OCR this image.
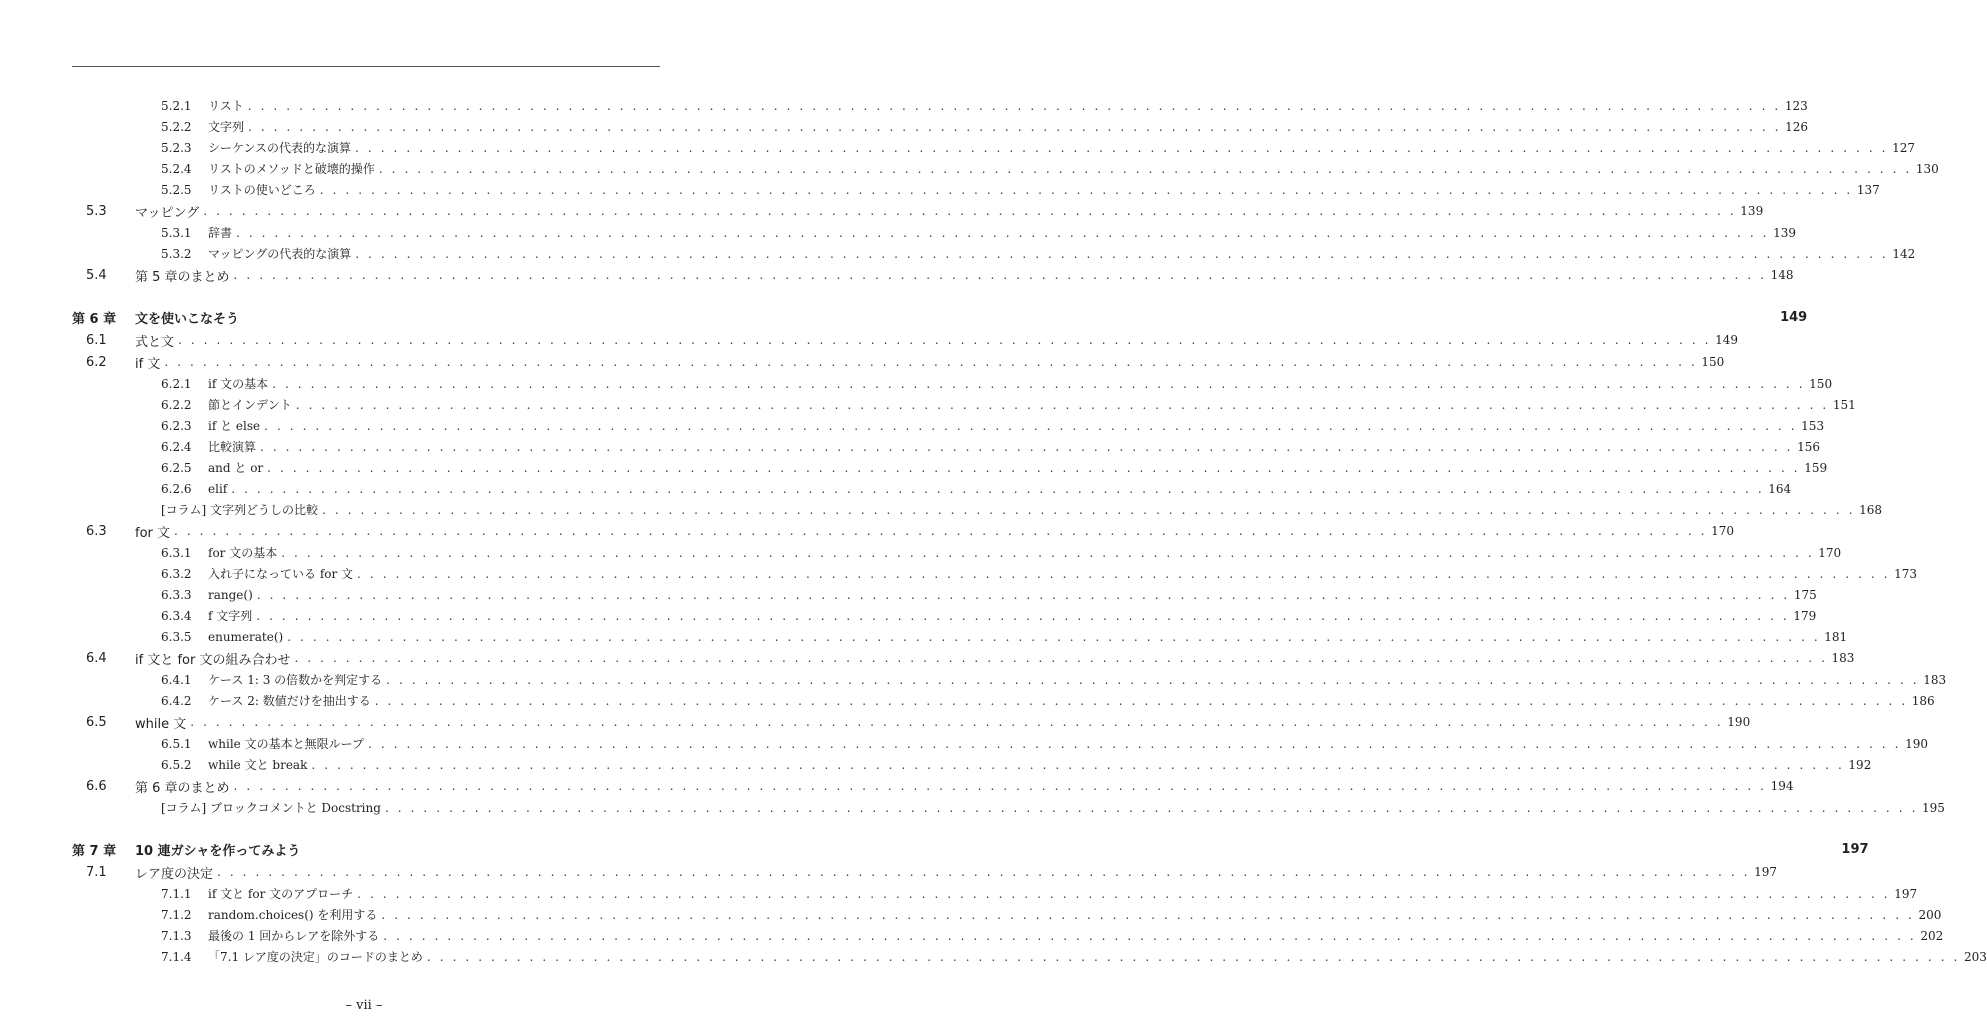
5.2.1	リスト . . . . . . . . . . . . . . . . . . . . . . . . . . . . . . . . . . . . . . . . . . . . . . . . . . . . . . . . . . . . . . . . . . . . . . . . . . . . . . . . . . . . . . . . . . . . . . . . . . . . . . . . . . . . . . . . . . . . . . . . 123
5.2.2	文字列 . . . . . . . . . . . . . . . . . . . . . . . . . . . . . . . . . . . . . . . . . . . . . . . . . . . . . . . . . . . . . . . . . . . . . . . . . . . . . . . . . . . . . . . . . . . . . . . . . . . . . . . . . . . . . . . . . . . . . . . . 126
5.2.3	シーケンスの代表的な演算 . . . . . . . . . . . . . . . . . . . . . . . . . . . . . . . . . . . . . . . . . . . . . . . . . . . . . . . . . . . . . . . . . . . . . . . . . . . . . . . . . . . . . . . . . . . . . . . . . . . . . . . . . . . . . . . . . . . . . . . . 127
5.2.4	リストのメソッドと破壊的操作 . . . . . . . . . . . . . . . . . . . . . . . . . . . . . . . . . . . . . . . . . . . . . . . . . . . . . . . . . . . . . . . . . . . . . . . . . . . . . . . . . . . . . . . . . . . . . . . . . . . . . . . . . . . . . . . . . . . . . . . . 130
5.2.5	リストの使いどころ . . . . . . . . . . . . . . . . . . . . . . . . . . . . . . . . . . . . . . . . . . . . . . . . . . . . . . . . . . . . . . . . . . . . . . . . . . . . . . . . . . . . . . . . . . . . . . . . . . . . . . . . . . . . . . . . . . . . . . . . 137
5.3	マッピング . . . . . . . . . . . . . . . . . . . . . . . . . . . . . . . . . . . . . . . . . . . . . . . . . . . . . . . . . . . . . . . . . . . . . . . . . . . . . . . . . . . . . . . . . . . . . . . . . . . . . . . . . . . . . . . . . . . . . . . . 139
5.3.1	辞書 . . . . . . . . . . . . . . . . . . . . . . . . . . . . . . . . . . . . . . . . . . . . . . . . . . . . . . . . . . . . . . . . . . . . . . . . . . . . . . . . . . . . . . . . . . . . . . . . . . . . . . . . . . . . . . . . . . . . . . . . 139
5.3.2	マッピングの代表的な演算 . . . . . . . . . . . . . . . . . . . . . . . . . . . . . . . . . . . . . . . . . . . . . . . . . . . . . . . . . . . . . . . . . . . . . . . . . . . . . . . . . . . . . . . . . . . . . . . . . . . . . . . . . . . . . . . . . . . . . . . . 142
5.4	第 5 章のまとめ . . . . . . . . . . . . . . . . . . . . . . . . . . . . . . . . . . . . . . . . . . . . . . . . . . . . . . . . . . . . . . . . . . . . . . . . . . . . . . . . . . . . . . . . . . . . . . . . . . . . . . . . . . . . . . . . . . . . . . . . 148
第 6 章	文を使いこなそう	149
6.1	式と文 . . . . . . . . . . . . . . . . . . . . . . . . . . . . . . . . . . . . . . . . . . . . . . . . . . . . . . . . . . . . . . . . . . . . . . . . . . . . . . . . . . . . . . . . . . . . . . . . . . . . . . . . . . . . . . . . . . . . . . . . 149
6.2	if 文 . . . . . . . . . . . . . . . . . . . . . . . . . . . . . . . . . . . . . . . . . . . . . . . . . . . . . . . . . . . . . . . . . . . . . . . . . . . . . . . . . . . . . . . . . . . . . . . . . . . . . . . . . . . . . . . . . . . . . . . . 150
6.2.1	if 文の基本 . . . . . . . . . . . . . . . . . . . . . . . . . . . . . . . . . . . . . . . . . . . . . . . . . . . . . . . . . . . . . . . . . . . . . . . . . . . . . . . . . . . . . . . . . . . . . . . . . . . . . . . . . . . . . . . . . . . . . . . . 150
6.2.2	節とインデント . . . . . . . . . . . . . . . . . . . . . . . . . . . . . . . . . . . . . . . . . . . . . . . . . . . . . . . . . . . . . . . . . . . . . . . . . . . . . . . . . . . . . . . . . . . . . . . . . . . . . . . . . . . . . . . . . . . . . . . . 151
6.2.3	if と else . . . . . . . . . . . . . . . . . . . . . . . . . . . . . . . . . . . . . . . . . . . . . . . . . . . . . . . . . . . . . . . . . . . . . . . . . . . . . . . . . . . . . . . . . . . . . . . . . . . . . . . . . . . . . . . . . . . . . . . . 153
6.2.4	比較演算 . . . . . . . . . . . . . . . . . . . . . . . . . . . . . . . . . . . . . . . . . . . . . . . . . . . . . . . . . . . . . . . . . . . . . . . . . . . . . . . . . . . . . . . . . . . . . . . . . . . . . . . . . . . . . . . . . . . . . . . . 156
6.2.5	and と or . . . . . . . . . . . . . . . . . . . . . . . . . . . . . . . . . . . . . . . . . . . . . . . . . . . . . . . . . . . . . . . . . . . . . . . . . . . . . . . . . . . . . . . . . . . . . . . . . . . . . . . . . . . . . . . . . . . . . . . . 159
6.2.6	elif . . . . . . . . . . . . . . . . . . . . . . . . . . . . . . . . . . . . . . . . . . . . . . . . . . . . . . . . . . . . . . . . . . . . . . . . . . . . . . . . . . . . . . . . . . . . . . . . . . . . . . . . . . . . . . . . . . . . . . . . 164
[コラム] 文字列どうしの比較 . . . . . . . . . . . . . . . . . . . . . . . . . . . . . . . . . . . . . . . . . . . . . . . . . . . . . . . . . . . . . . . . . . . . . . . . . . . . . . . . . . . . . . . . . . . . . . . . . . . . . . . . . . . . . . . . . . . . . . . . 168
6.3	for 文 . . . . . . . . . . . . . . . . . . . . . . . . . . . . . . . . . . . . . . . . . . . . . . . . . . . . . . . . . . . . . . . . . . . . . . . . . . . . . . . . . . . . . . . . . . . . . . . . . . . . . . . . . . . . . . . . . . . . . . . . 170
6.3.1	for 文の基本 . . . . . . . . . . . . . . . . . . . . . . . . . . . . . . . . . . . . . . . . . . . . . . . . . . . . . . . . . . . . . . . . . . . . . . . . . . . . . . . . . . . . . . . . . . . . . . . . . . . . . . . . . . . . . . . . . . . . . . . . 170
6.3.2	入れ子になっている for 文 . . . . . . . . . . . . . . . . . . . . . . . . . . . . . . . . . . . . . . . . . . . . . . . . . . . . . . . . . . . . . . . . . . . . . . . . . . . . . . . . . . . . . . . . . . . . . . . . . . . . . . . . . . . . . . . . . . . . . . . . 173
6.3.3	range() . . . . . . . . . . . . . . . . . . . . . . . . . . . . . . . . . . . . . . . . . . . . . . . . . . . . . . . . . . . . . . . . . . . . . . . . . . . . . . . . . . . . . . . . . . . . . . . . . . . . . . . . . . . . . . . . . . . . . . . . 175
6.3.4	f 文字列 . . . . . . . . . . . . . . . . . . . . . . . . . . . . . . . . . . . . . . . . . . . . . . . . . . . . . . . . . . . . . . . . . . . . . . . . . . . . . . . . . . . . . . . . . . . . . . . . . . . . . . . . . . . . . . . . . . . . . . . . 179
6.3.5	enumerate() . . . . . . . . . . . . . . . . . . . . . . . . . . . . . . . . . . . . . . . . . . . . . . . . . . . . . . . . . . . . . . . . . . . . . . . . . . . . . . . . . . . . . . . . . . . . . . . . . . . . . . . . . . . . . . . . . . . . . . . . 181
6.4	if 文と for 文の組み合わせ . . . . . . . . . . . . . . . . . . . . . . . . . . . . . . . . . . . . . . . . . . . . . . . . . . . . . . . . . . . . . . . . . . . . . . . . . . . . . . . . . . . . . . . . . . . . . . . . . . . . . . . . . . . . . . . . . . . . . . . . 183
6.4.1	ケース 1: 3 の倍数かを判定する . . . . . . . . . . . . . . . . . . . . . . . . . . . . . . . . . . . . . . . . . . . . . . . . . . . . . . . . . . . . . . . . . . . . . . . . . . . . . . . . . . . . . . . . . . . . . . . . . . . . . . . . . . . . . . . . . . . . . . . . 183
6.4.2	ケース 2: 数値だけを抽出する . . . . . . . . . . . . . . . . . . . . . . . . . . . . . . . . . . . . . . . . . . . . . . . . . . . . . . . . . . . . . . . . . . . . . . . . . . . . . . . . . . . . . . . . . . . . . . . . . . . . . . . . . . . . . . . . . . . . . . . . 186
6.5	while 文 . . . . . . . . . . . . . . . . . . . . . . . . . . . . . . . . . . . . . . . . . . . . . . . . . . . . . . . . . . . . . . . . . . . . . . . . . . . . . . . . . . . . . . . . . . . . . . . . . . . . . . . . . . . . . . . . . . . . . . . . 190
6.5.1	while 文の基本と無限ループ . . . . . . . . . . . . . . . . . . . . . . . . . . . . . . . . . . . . . . . . . . . . . . . . . . . . . . . . . . . . . . . . . . . . . . . . . . . . . . . . . . . . . . . . . . . . . . . . . . . . . . . . . . . . . . . . . . . . . . . . 190
6.5.2	while 文と break . . . . . . . . . . . . . . . . . . . . . . . . . . . . . . . . . . . . . . . . . . . . . . . . . . . . . . . . . . . . . . . . . . . . . . . . . . . . . . . . . . . . . . . . . . . . . . . . . . . . . . . . . . . . . . . . . . . . . . . . 192
6.6	第 6 章のまとめ . . . . . . . . . . . . . . . . . . . . . . . . . . . . . . . . . . . . . . . . . . . . . . . . . . . . . . . . . . . . . . . . . . . . . . . . . . . . . . . . . . . . . . . . . . . . . . . . . . . . . . . . . . . . . . . . . . . . . . . . 194
[コラム] ブロックコメントと Docstring . . . . . . . . . . . . . . . . . . . . . . . . . . . . . . . . . . . . . . . . . . . . . . . . . . . . . . . . . . . . . . . . . . . . . . . . . . . . . . . . . . . . . . . . . . . . . . . . . . . . . . . . . . . . . . . . . . . . . . . . 195
第 7 章	10 連ガシャを作ってみよう	197
7.1	レア度の決定 . . . . . . . . . . . . . . . . . . . . . . . . . . . . . . . . . . . . . . . . . . . . . . . . . . . . . . . . . . . . . . . . . . . . . . . . . . . . . . . . . . . . . . . . . . . . . . . . . . . . . . . . . . . . . . . . . . . . . . . . 197
7.1.1	if 文と for 文のアプローチ . . . . . . . . . . . . . . . . . . . . . . . . . . . . . . . . . . . . . . . . . . . . . . . . . . . . . . . . . . . . . . . . . . . . . . . . . . . . . . . . . . . . . . . . . . . . . . . . . . . . . . . . . . . . . . . . . . . . . . . . 197
7.1.2	random.choices() を利用する . . . . . . . . . . . . . . . . . . . . . . . . . . . . . . . . . . . . . . . . . . . . . . . . . . . . . . . . . . . . . . . . . . . . . . . . . . . . . . . . . . . . . . . . . . . . . . . . . . . . . . . . . . . . . . . . . . . . . . . . 200
7.1.3	最後の 1 回からレアを除外する . . . . . . . . . . . . . . . . . . . . . . . . . . . . . . . . . . . . . . . . . . . . . . . . . . . . . . . . . . . . . . . . . . . . . . . . . . . . . . . . . . . . . . . . . . . . . . . . . . . . . . . . . . . . . . . . . . . . . . . . 202
7.1.4	「7.1 レア度の決定」のコードのまとめ . . . . . . . . . . . . . . . . . . . . . . . . . . . . . . . . . . . . . . . . . . . . . . . . . . . . . . . . . . . . . . . . . . . . . . . . . . . . . . . . . . . . . . . . . . . . . . . . . . . . . . . . . . . . . . . . . . . . . . . . 203
– vii –
